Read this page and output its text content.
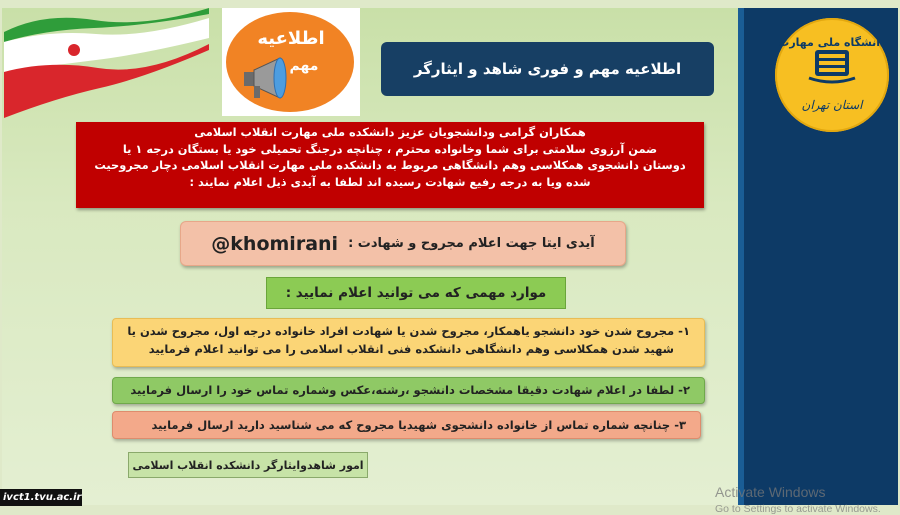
دانشگاه ملی مهارت
استان تهران
اطلاعیه
مهم	اطلاعیه مهم و فوری شاهد و ایثارگر
همکاران گرامی ودانشجویان عزیز دانشکده ملی مهارت انقلاب اسلامی
ضمن آرزوی سلامتی برای شما وخانواده محترم ، چنانچه درجنگ تحمیلی خود یا بستگان درجه ۱ یا
دوستان دانشجوی همکلاسی وهم دانشگاهی مربوط به دانشکده ملی مهارت انقلاب اسلامی دچار مجروحیت
شده ویا به درجه رفیع شهادت رسیده اند لطفا به آیدی ذیل اعلام نمایند :
آیدی ایتا جهت اعلام مجروح و شهادت :
@khomirani
موارد مهمی که می توانید اعلام نمایید :
۱- مجروح شدن خود دانشجو یاهمکار، مجروح شدن یا شهادت افراد خانواده درجه اول، مجروح شدن یا
شهید شدن همکلاسی وهم دانشگاهی دانشکده فنی انقلاب اسلامی را می توانید اعلام فرمایید
۲- لطفا در اعلام شهادت دقیقا مشخصات دانشجو ،رشته،عکس وشماره تماس خود را ارسال فرمایید
۳- چنانچه شماره تماس از خانواده دانشجوی شهیدیا مجروح که می شناسید دارید ارسال فرمایید
امور شاهدوایثارگر دانشکده انقلاب اسلامی
ivct1.tvu.ac.ir	Activate Windows
Go to Settings to activate Windows.
